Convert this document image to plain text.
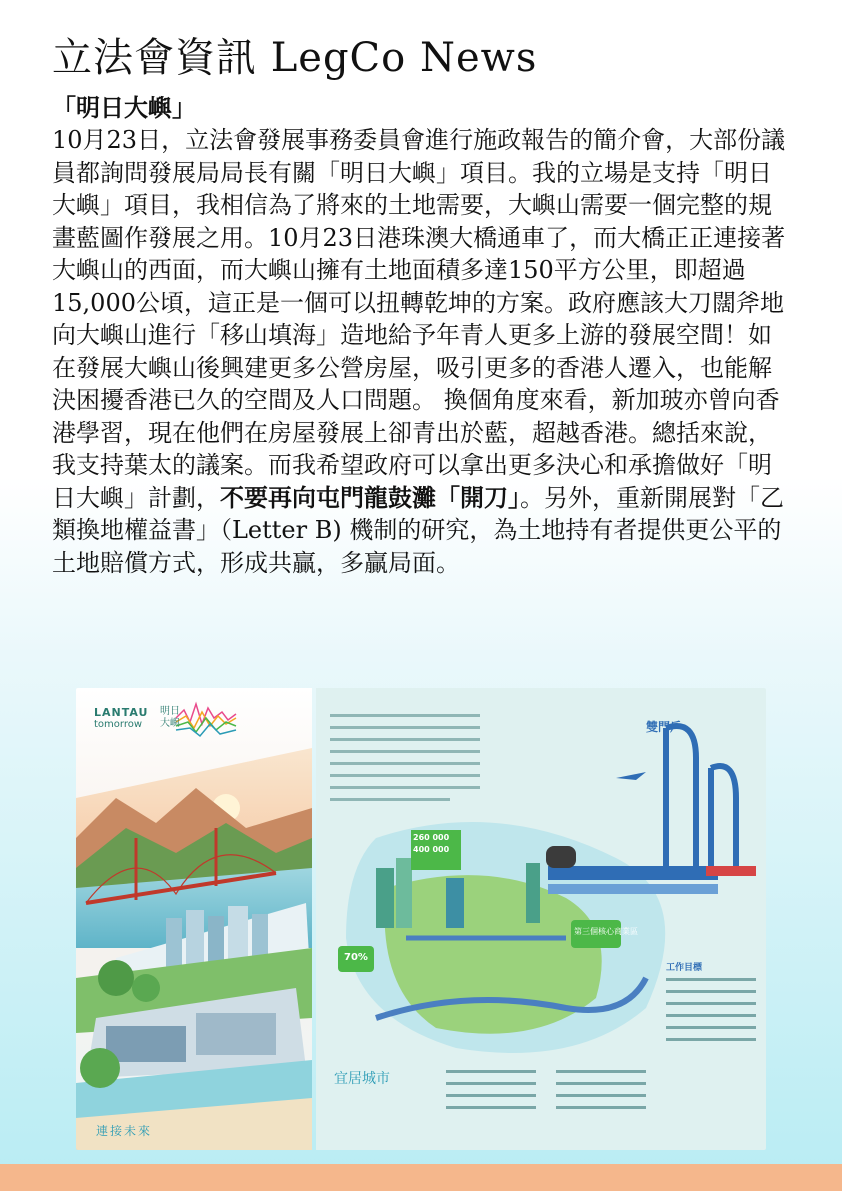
立法會資訊 LegCo News
「明日大嶼」

10月23日，立法會發展事務委員會進行施政報告的簡介會，大部份議員都詢問發展局局長有關「明日大嶼」項目。我的立場是支持「明日大嶼」項目，我相信為了將來的土地需要，大嶼山需要一個完整的規畫藍圖作發展之用。10月23日港珠澳大橋通車了，而大橋正正連接著大嶼山的西面，而大嶼山擁有土地面積多達150平方公里，即超過15,000公頃，這正是一個可以扭轉乾坤的方案。政府應該大刀闊斧地向大嶼山進行「移山填海」造地給予年青人更多上游的發展空間！如在發展大嶼山後興建更多公營房屋，吸引更多的香港人遷入，也能解決困擾香港已久的空間及人口問題。 換個角度來看，新加玻亦曾向香港學習，現在他們在房屋發展上卻青出於藍，超越香港。總括來說，我支持葉太的議案。而我希望政府可以拿出更多決心和承擔做好「明日大嶼」計劃，不要再向屯門龍鼓灘「開刀」。另外，重新開展對「乙類換地權益書」（Letter B) 機制的研究，為土地持有者提供更公平的土地賠償方式，形成共贏，多贏局面。

LANTAU
tomorrow
明日
大嶼
連接未來
雙門戶
宜居城市
260 000
400 000
70%
第三個核心商業區
工作目標
